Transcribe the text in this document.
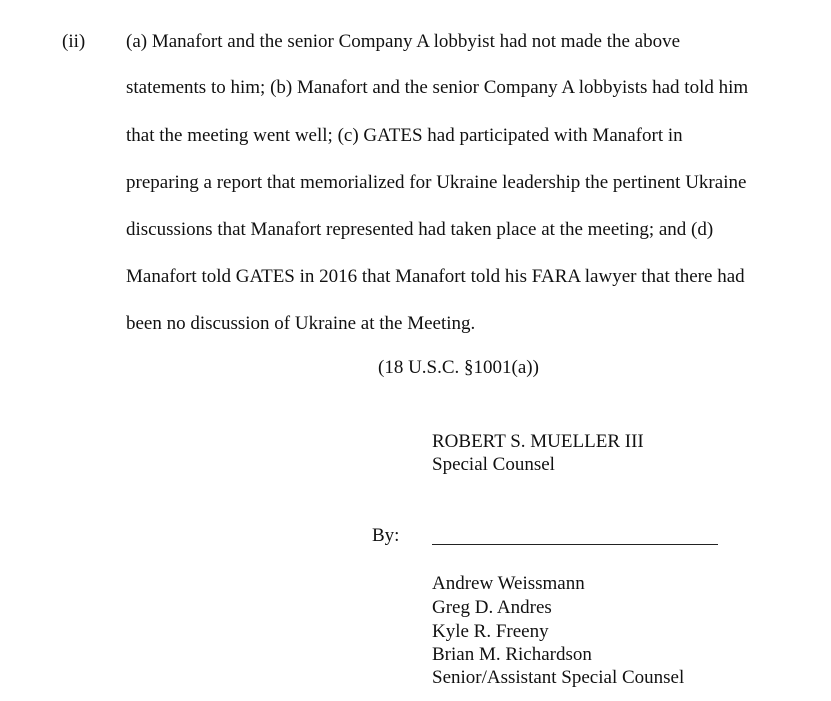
(ii) (a) Manafort and the senior Company A lobbyist had not made the above
statements to him; (b) Manafort and the senior Company A lobbyists had told him
that the meeting went well; (c) GATES had participated with Manafort in
preparing a report that memorialized for Ukraine leadership the pertinent Ukraine
discussions that Manafort represented had taken place at the meeting; and (d)
Manafort told GATES in 2016 that Manafort told his FARA lawyer that there had
been no discussion of Ukraine at the Meeting.
(18 U.S.C. §1001(a))
ROBERT S. MUELLER III
Special Counsel
By:
Andrew Weissmann
Greg D. Andres
Kyle R. Freeny
Brian M. Richardson
Senior/Assistant Special Counsel
